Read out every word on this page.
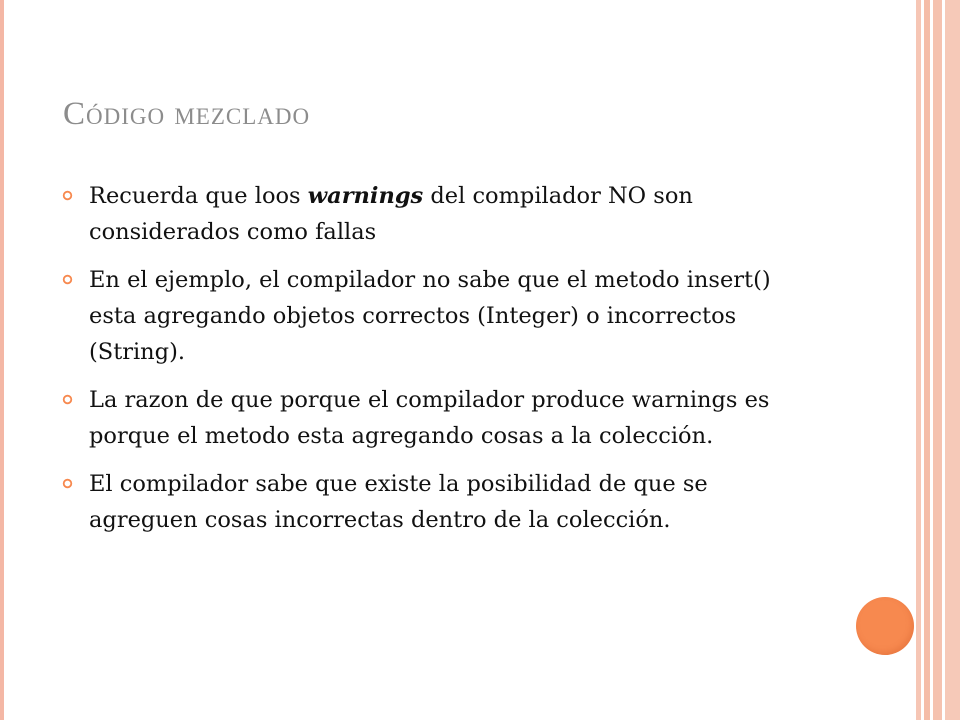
Código mezclado
Recuerda que loos warnings del compilador NO son considerados como fallas
En el ejemplo, el compilador no sabe que el metodo insert() esta agregando objetos correctos (Integer) o incorrectos (String).
La razon de que porque el compilador produce warnings es porque el metodo esta agregando cosas a la colección.
El compilador sabe que existe la posibilidad de que se agreguen cosas incorrectas dentro de la colección.
